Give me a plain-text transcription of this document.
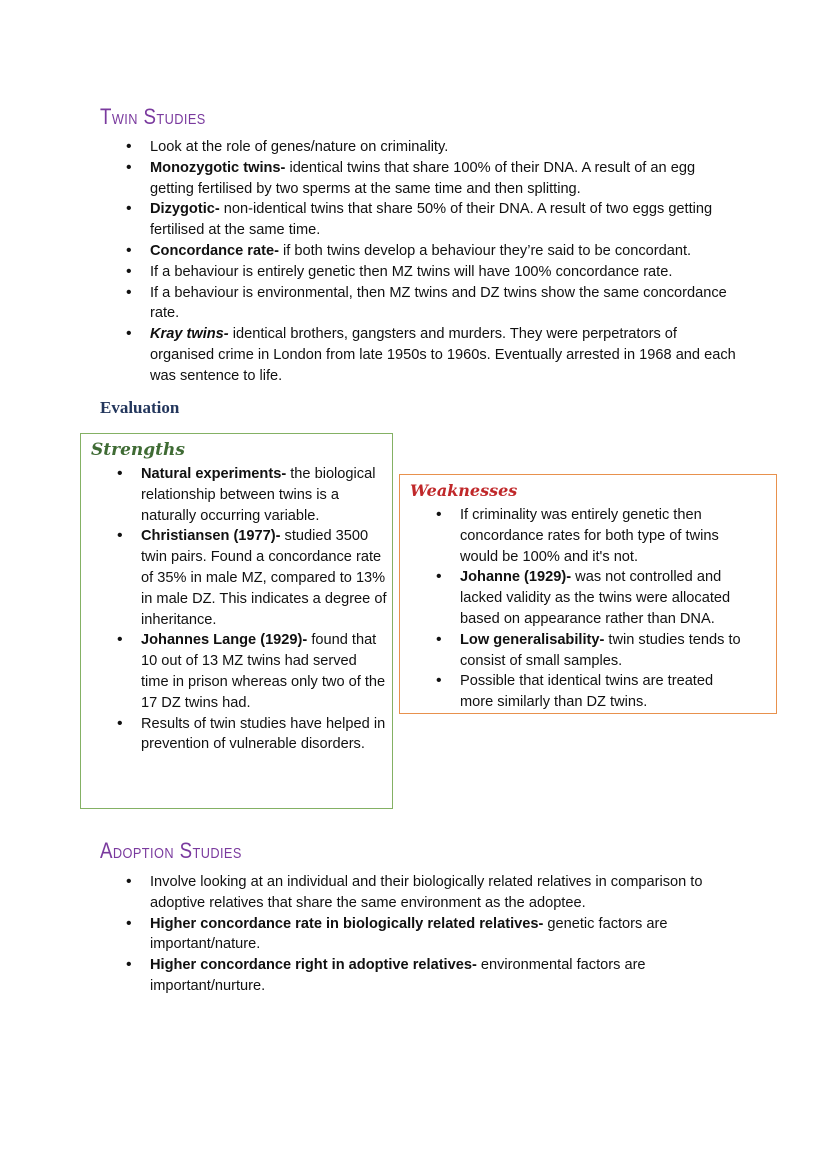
Twin Studies
• Look at the role of genes/nature on criminality.
• Monozygotic twins- identical twins that share 100% of their DNA. A result of an egg getting fertilised by two sperms at the same time and then splitting.
• Dizygotic- non-identical twins that share 50% of their DNA. A result of two eggs getting fertilised at the same time.
• Concordance rate- if both twins develop a behaviour they’re said to be concordant.
• If a behaviour is entirely genetic then MZ twins will have 100% concordance rate.
• If a behaviour is environmental, then MZ twins and DZ twins show the same concordance rate.
• Kray twins- identical brothers, gangsters and murders. They were perpetrators of organised crime in London from late 1950s to 1960s. Eventually arrested in 1968 and each was sentence to life.
Evaluation
Strengths
• Natural experiments- the biological relationship between twins is a naturally occurring variable.
• Christiansen (1977)- studied 3500 twin pairs. Found a concordance rate of 35% in male MZ, compared to 13% in male DZ. This indicates a degree of inheritance.
• Johannes Lange (1929)- found that 10 out of 13 MZ twins had served time in prison whereas only two of the 17 DZ twins had.
• Results of twin studies have helped in prevention of vulnerable disorders.
Weaknesses
• If criminality was entirely genetic then concordance rates for both type of twins would be 100% and it's not.
• Johanne (1929)- was not controlled and lacked validity as the twins were allocated based on appearance rather than DNA.
• Low generalisability- twin studies tends to consist of small samples.
• Possible that identical twins are treated more similarly than DZ twins.
Adoption Studies
• Involve looking at an individual and their biologically related relatives in comparison to adoptive relatives that share the same environment as the adoptee.
• Higher concordance rate in biologically related relatives- genetic factors are important/nature.
• Higher concordance right in adoptive relatives- environmental factors are important/nurture.
